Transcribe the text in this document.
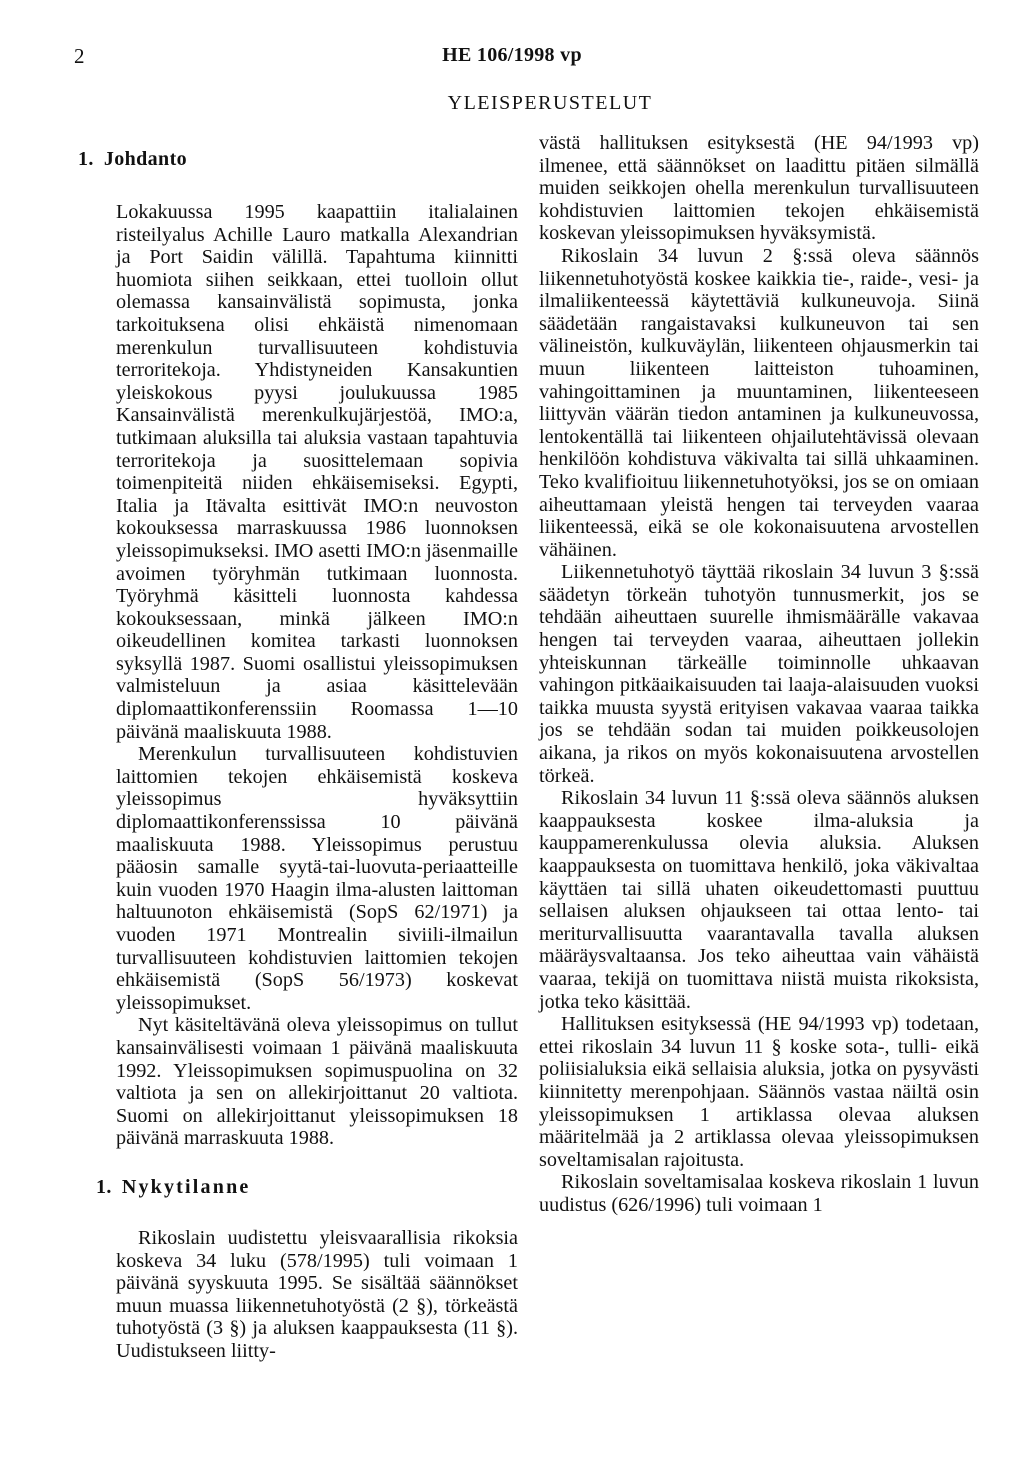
2	HE 106/1998 vp
YLEISPERUSTELUT
1. Johdanto

Lokakuussa 1995 kaapattiin italialainen risteilyalus Achille Lauro matkalla Alexandrian ja Port Saidin välillä. Tapahtuma kiinnitti huomiota siihen seikkaan, ettei tuolloin ollut olemassa kansainvälistä sopimusta, jonka tarkoituksena olisi ehkäistä nimenomaan merenkulun turvallisuuteen kohdistuvia terroritekoja. Yhdistyneiden Kansakuntien yleiskokous pyysi joulukuussa 1985 Kansainvälistä merenkulkujärjestöä, IMO:a, tutkimaan aluksilla tai aluksia vastaan tapahtuvia terroritekoja ja suosittelemaan sopivia toimenpiteitä niiden ehkäisemiseksi. Egypti, Italia ja Itävalta esittivät IMO:n neuvoston kokouksessa marraskuussa 1986 luonnoksen yleissopimukseksi. IMO asetti IMO:n jäsenmaille avoimen työryhmän tutkimaan luonnosta. Työryhmä käsitteli luonnosta kahdessa kokouksessaan, minkä jälkeen IMO:n oikeudellinen komitea tarkasti luonnoksen syksyllä 1987. Suomi osallistui yleissopimuksen valmisteluun ja asiaa käsittelevään diplomaattikonferenssiin Roomassa 1—10 päivänä maaliskuuta 1988.

Merenkulun turvallisuuteen kohdistuvien laittomien tekojen ehkäisemistä koskeva yleissopimus hyväksyttiin diplomaattikonferenssissa 10 päivänä maaliskuuta 1988. Yleissopimus perustuu pääosin samalle syytä-tai-luovuta-periaatteille kuin vuoden 1970 Haagin ilma-alusten laittoman haltuunoton ehkäisemistä (SopS 62/1971) ja vuoden 1971 Montrealin siviili-ilmailun turvallisuuteen kohdistuvien laittomien tekojen ehkäisemistä (SopS 56/1973) koskevat yleissopimukset.

Nyt käsiteltävänä oleva yleissopimus on tullut kansainvälisesti voimaan 1 päivänä maaliskuuta 1992. Yleissopimuksen sopimuspuolina on 32 valtiota ja sen on allekirjoittanut 20 valtiota. Suomi on allekirjoittanut yleissopimuksen 18 päivänä marraskuuta 1988.

1. Nykytilanne

Rikoslain uudistettu yleisvaarallisia rikoksia koskeva 34 luku (578/1995) tuli voimaan 1 päivänä syyskuuta 1995. Se sisältää säännökset muun muassa liikennetuhotyöstä (2 §), törkeästä tuhotyöstä (3 §) ja aluksen kaappauksesta (11 §). Uudistukseen liitty-

västä hallituksen esityksestä (HE 94/1993 vp) ilmenee, että säännökset on laadittu pitäen silmällä muiden seikkojen ohella merenkulun turvallisuuteen kohdistuvien laittomien tekojen ehkäisemistä koskevan yleissopimuksen hyväksymistä.

Rikoslain 34 luvun 2 §:ssä oleva säännös liikennetuhotyöstä koskee kaikkia tie-, raide-, vesi- ja ilmaliikenteessä käytettäviä kulkuneuvoja. Siinä säädetään rangaistavaksi kulkuneuvon tai sen välineistön, kulkuväylän, liikenteen ohjausmerkin tai muun liikenteen laitteiston tuhoaminen, vahingoittaminen ja muuntaminen, liikenteeseen liittyvän väärän tiedon antaminen ja kulkuneuvossa, lentokentällä tai liikenteen ohjailutehtävissä olevaan henkilöön kohdistuva väkivalta tai sillä uhkaaminen. Teko kvalifioituu liikennetuhotyöksi, jos se on omiaan aiheuttamaan yleistä hengen tai terveyden vaaraa liikenteessä, eikä se ole kokonaisuutena arvostellen vähäinen.

Liikennetuhotyö täyttää rikoslain 34 luvun 3 §:ssä säädetyn törkeän tuhotyön tunnusmerkit, jos se tehdään aiheuttaen suurelle ihmismäärälle vakavaa hengen tai terveyden vaaraa, aiheuttaen jollekin yhteiskunnan tärkeälle toiminnolle uhkaavan vahingon pitkäaikaisuuden tai laaja-alaisuuden vuoksi taikka muusta syystä erityisen vakavaa vaaraa taikka jos se tehdään sodan tai muiden poikkeusolojen aikana, ja rikos on myös kokonaisuutena arvostellen törkeä.

Rikoslain 34 luvun 11 §:ssä oleva säännös aluksen kaappauksesta koskee ilma-aluksia ja kauppamerenkulussa olevia aluksia. Aluksen kaappauksesta on tuomittava henkilö, joka väkivaltaa käyttäen tai sillä uhaten oikeudettomasti puuttuu sellaisen aluksen ohjaukseen tai ottaa lento- tai meriturvallisuutta vaarantavalla tavalla aluksen määräysvaltaansa. Jos teko aiheuttaa vain vähäistä vaaraa, tekijä on tuomittava niistä muista rikoksista, jotka teko käsittää.

Hallituksen esityksessä (HE 94/1993 vp) todetaan, ettei rikoslain 34 luvun 11 § koske sota-, tulli- eikä poliisialuksia eikä sellaisia aluksia, jotka on pysyvästi kiinnitetty merenpohjaan. Säännös vastaa näiltä osin yleissopimuksen 1 artiklassa olevaa aluksen määritelmää ja 2 artiklassa olevaa yleissopimuksen soveltamisalan rajoitusta.

Rikoslain soveltamisalaa koskeva rikoslain 1 luvun uudistus (626/1996) tuli voimaan 1
